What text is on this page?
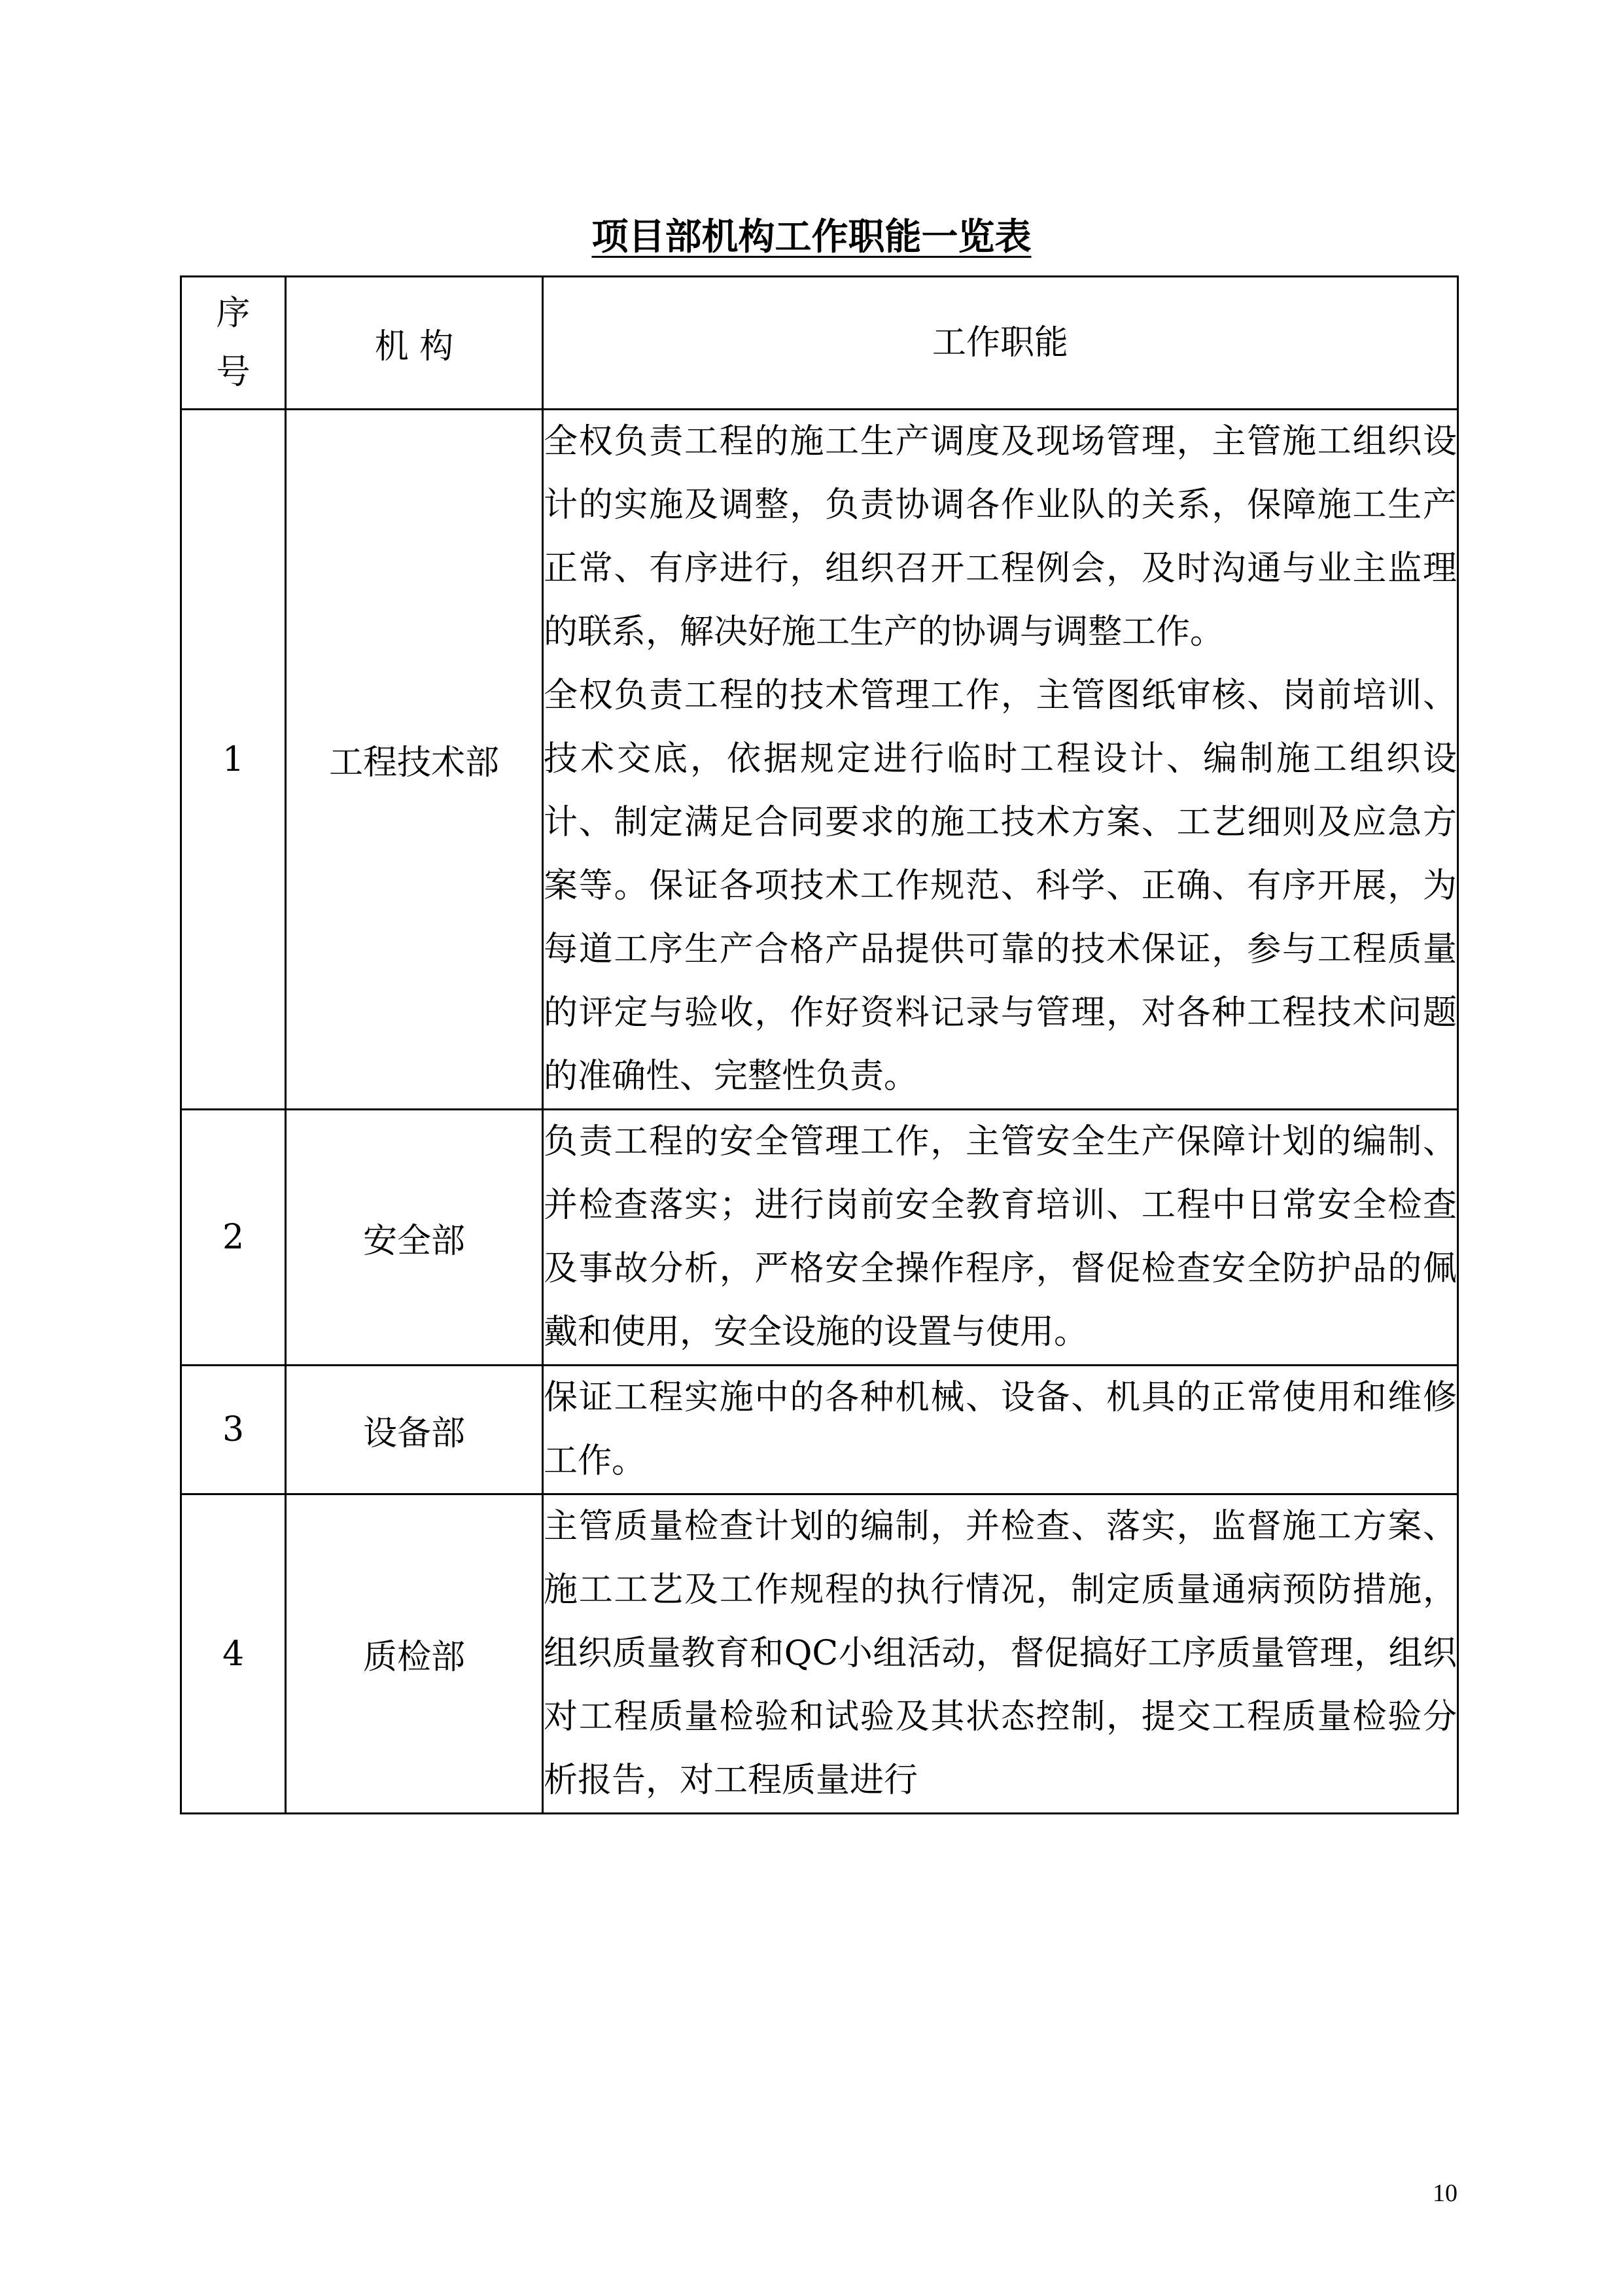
项目部机构工作职能一览表
序
号	机 构	工作职能
1	工程技术部	全权负责工程的施工生产调度及现场管理，主管施工组织设计的实施及调整，负责协调各作业队的关系，保障施工生产正常、有序进行，组织召开工程例会，及时沟通与业主监理的联系，解决好施工生产的协调与调整工作。
全权负责工程的技术管理工作，主管图纸审核、岗前培训、技术交底，依据规定进行临时工程设计、编制施工组织设计、制定满足合同要求的施工技术方案、工艺细则及应急方案等。保证各项技术工作规范、科学、正确、有序开展，为每道工序生产合格产品提供可靠的技术保证，参与工程质量的评定与验收，作好资料记录与管理，对各种工程技术问题的准确性、完整性负责。

2	安全部	负责工程的安全管理工作，主管安全生产保障计划的编制、并检查落实；进行岗前安全教育培训、工程中日常安全检查及事故分析，严格安全操作程序，督促检查安全防护品的佩戴和使用，安全设施的设置与使用。

3	设备部	保证工程实施中的各种机械、设备、机具的正常使用和维修工作。

4	质检部	主管质量检查计划的编制，并检查、落实，监督施工方案、施工工艺及工作规程的执行情况，制定质量通病预防措施，组织质量教育和QC小组活动，督促搞好工序质量管理，组织对工程质量检验和试验及其状态控制，提交工程质量检验分析报告，对工程质量进行
10
